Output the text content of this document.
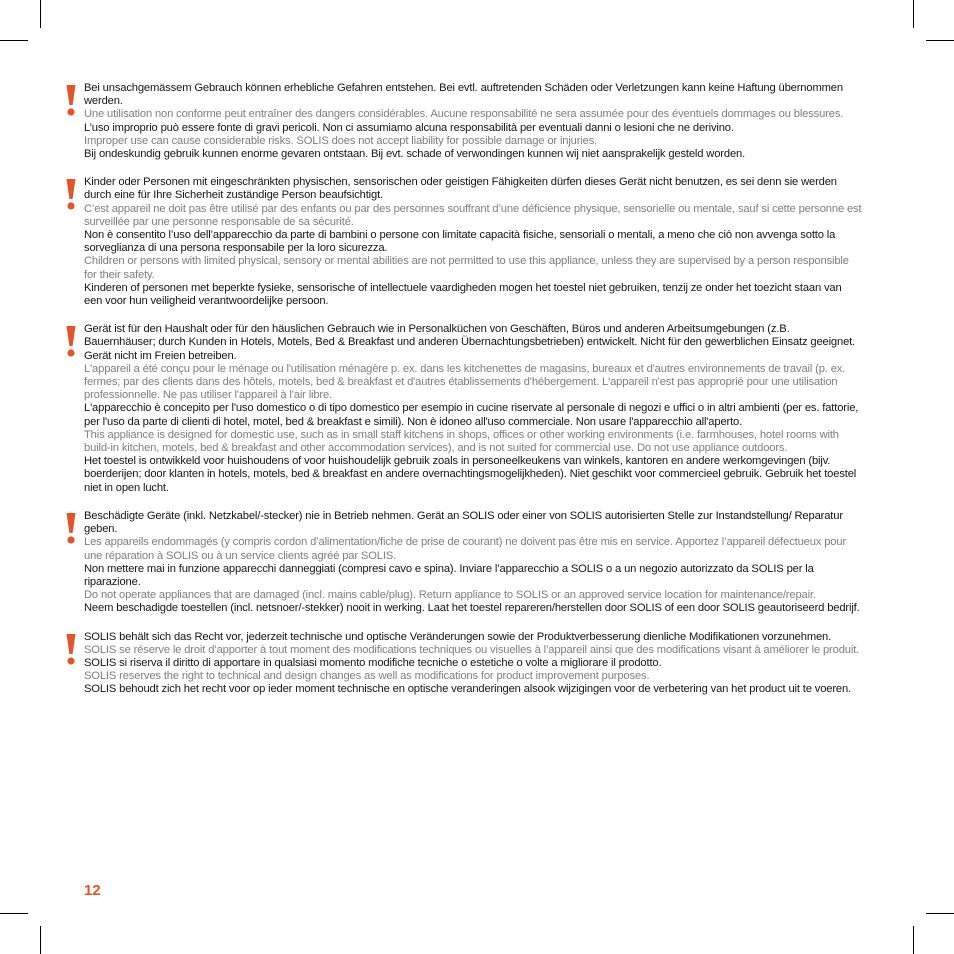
Bei unsachgemässem Gebrauch können erhebliche Gefahren entstehen. Bei evtl. auftretenden Schäden oder Verletzungen kann keine Haftung übernommen werden.

Une utilisation non conforme peut entraîner des dangers considérables. Aucune responsabilité ne sera assumée pour des éventuels dommages ou blessures.

L’uso improprio può essere fonte di gravi pericoli. Non ci assumiamo alcuna responsabilità per eventuali danni o lesioni che ne derivino.

Improper use can cause considerable risks. SOLIS does not accept liability for possible damage or injuries.

Bij ondeskundig gebruik kunnen enorme gevaren ontstaan. Bij evt. schade of verwondingen kunnen wij niet aansprakelijk gesteld worden.

Kinder oder Personen mit eingeschränkten physischen, sensorischen oder geistigen Fähigkeiten dürfen dieses Gerät nicht benutzen, es sei denn sie werden durch eine für Ihre Sicherheit zuständige Person beaufsichtigt.

C’est appareil ne doit pas être utilisé par des enfants ou par des personnes souffrant d’une déficience physique, sensorielle ou mentale, sauf si cette personne est surveillée par une personne responsable de sa sécurité.

Non è consentito l’uso dell’apparecchio da parte di bambini o persone con limitate capacità fisiche, sensoriali o mentali, a meno che ciò non avvenga sotto la sorveglianza di una persona responsabile per la loro sicurezza.

Children or persons with limited physical, sensory or mental abilities are not permitted to use this appliance, unless they are supervised by a person responsible for their safety.

Kinderen of personen met beperkte fysieke, sensorische of intellectuele vaardigheden mogen het toestel niet gebruiken, tenzij ze onder het toezicht staan van een voor hun veiligheid verantwoordelijke persoon.

Gerät ist für den Haushalt oder für den häuslichen Gebrauch wie in Personalküchen von Geschäften, Büros und anderen Arbeitsumgebungen (z.B. Bauernhäuser; durch Kunden in Hotels, Motels, Bed & Breakfast und anderen Übernachtungsbetrieben) entwickelt. Nicht für den gewerblichen Einsatz geeignet. Gerät nicht im Freien betreiben.

L'appareil a été conçu pour le ménage ou l'utilisation ménagère p. ex. dans les kitchenettes de magasins, bureaux et d'autres environnements de travail (p. ex. fermes; par des clients dans des hôtels, motels, bed & breakfast et d'autres établissements d'hébergement. L'appareil n'est pas approprié pour une utilisation professionnelle. Ne pas utiliser l'appareil à l'air libre.

L'apparecchio è concepito per l'uso domestico o di tipo domestico per esempio in cucine riservate al personale di negozi e uffici o in altri ambienti (per es. fattorie, per l'uso da parte di clienti di hotel, motel, bed & breakfast e simili). Non è idoneo all'uso commerciale. Non usare l'apparecchio all'aperto.

This appliance is designed for domestic use, such as in small staff kitchens in shops, offices or other working environments (i.e. farmhouses, hotel rooms with build-in kitchen, motels, bed & breakfast and other accommodation services), and is not suited for commercial use. Do not use appliance outdoors.

Het toestel is ontwikkeld voor huishoudens of voor huishoudelijk gebruik zoals in personeelkeukens van winkels, kantoren en andere werkomgevingen (bijv. boerderijen; door klanten in hotels, motels, bed & breakfast en andere overnachtingsmogelijkheden). Niet geschikt voor commercieel gebruik. Gebruik het toestel niet in open lucht.

Beschädigte Geräte (inkl. Netzkabel/-stecker) nie in Betrieb nehmen. Gerät an SOLIS oder einer von SOLIS autorisierten Stelle zur Instandstellung/ Reparatur geben.

Les appareils endommagés (y compris cordon d’alimentation/fiche de prise de courant) ne doivent pas être mis en service. Apportez l’appareil défectueux pour une réparation à SOLIS ou à un service clients agréé par SOLIS.

Non mettere mai in funzione apparecchi danneggiati (compresi cavo e spina). Inviare l’apparecchio a SOLIS o a un negozio autorizzato da SOLIS per la riparazione.

Do not operate appliances that are damaged (incl. mains cable/plug). Return appliance to SOLIS or an approved service location for maintenance/repair.

Neem beschadigde toestellen (incl. netsnoer/-stekker) nooit in werking. Laat het toestel repareren/herstellen door SOLIS of een door SOLIS geautoriseerd bedrijf.

SOLIS behält sich das Recht vor, jederzeit technische und optische Veränderungen sowie der Produktverbesserung dienliche Modifikationen vorzunehmen.

SOLIS se réserve le droit d’apporter à tout moment des modifications techniques ou visuelles à l’appareil ainsi que des modifications visant à améliorer le produit.

SOLIS si riserva il diritto di apportare in qualsiasi momento modifiche tecniche o estetiche o volte a migliorare il prodotto.

SOLIS reserves the right to technical and design changes as well as modifications for product improvement purposes.

SOLIS behoudt zich het recht voor op ieder moment technische en optische veranderingen alsook wijzigingen voor de verbetering van het product uit te voeren.

12
